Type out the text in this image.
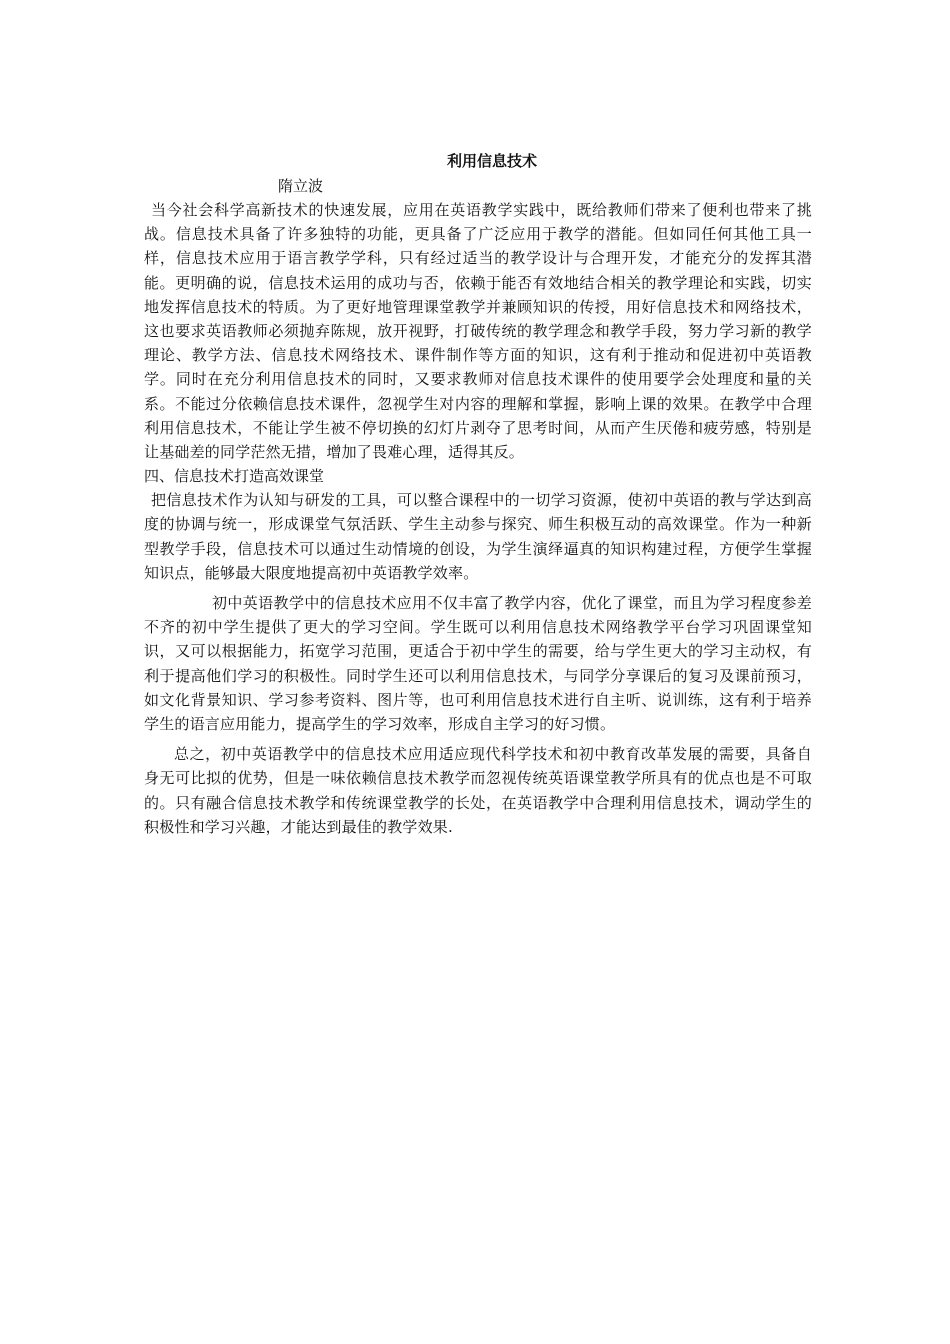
利用信息技术
隋立波

当今社会科学高新技术的快速发展，应用在英语教学实践中，既给教师们带来了便利也带来了挑战。信息技术具备了许多独特的功能，更具备了广泛应用于教学的潜能。但如同任何其他工具一样，信息技术应用于语言教学学科，只有经过适当的教学设计与合理开发，才能充分的发挥其潜能。更明确的说，信息技术运用的成功与否，依赖于能否有效地结合相关的教学理论和实践，切实地发挥信息技术的特质。为了更好地管理课堂教学并兼顾知识的传授，用好信息技术和网络技术，这也要求英语教师必须抛弃陈规，放开视野，打破传统的教学理念和教学手段，努力学习新的教学理论、教学方法、信息技术网络技术、课件制作等方面的知识，这有利于推动和促进初中英语教学。同时在充分利用信息技术的同时，又要求教师对信息技术课件的使用要学会处理度和量的关系。不能过分依赖信息技术课件，忽视学生对内容的理解和掌握，影响上课的效果。在教学中合理利用信息技术，不能让学生被不停切换的幻灯片剥夺了思考时间，从而产生厌倦和疲劳感，特别是让基础差的同学茫然无措，增加了畏难心理，适得其反。

四、信息技术打造高效课堂

把信息技术作为认知与研发的工具，可以整合课程中的一切学习资源，使初中英语的教与学达到高度的协调与统一，形成课堂气氛活跃、学生主动参与探究、师生积极互动的高效课堂。作为一种新型教学手段，信息技术可以通过生动情境的创设，为学生演绎逼真的知识构建过程，方便学生掌握知识点，能够最大限度地提高初中英语教学效率。

初中英语教学中的信息技术应用不仅丰富了教学内容，优化了课堂，而且为学习程度参差不齐的初中学生提供了更大的学习空间。学生既可以利用信息技术网络教学平台学习巩固课堂知识，又可以根据能力，拓宽学习范围，更适合于初中学生的需要，给与学生更大的学习主动权，有利于提高他们学习的积极性。同时学生还可以利用信息技术，与同学分享课后的复习及课前预习，如文化背景知识、学习参考资料、图片等，也可利用信息技术进行自主听、说训练，这有利于培养学生的语言应用能力，提高学生的学习效率，形成自主学习的好习惯。

总之，初中英语教学中的信息技术应用适应现代科学技术和初中教育改革发展的需要，具备自身无可比拟的优势，但是一味依赖信息技术教学而忽视传统英语课堂教学所具有的优点也是不可取的。只有融合信息技术教学和传统课堂教学的长处，在英语教学中合理利用信息技术，调动学生的积极性和学习兴趣，才能达到最佳的教学效果.
